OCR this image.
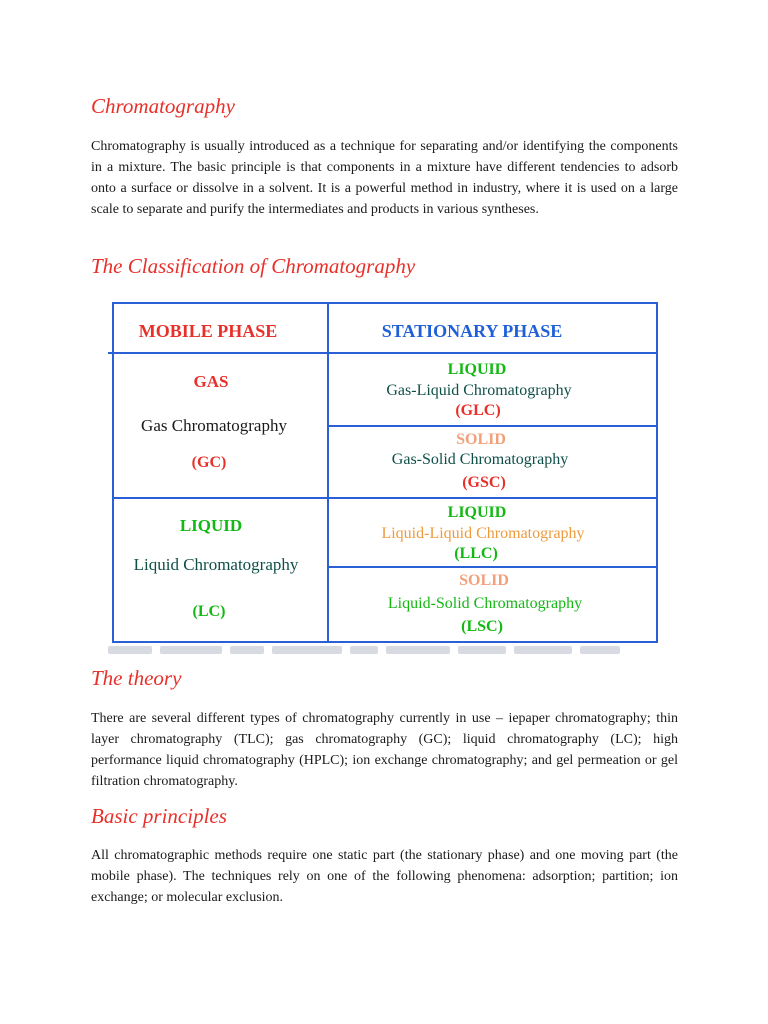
Chromatography

Chromatography is usually introduced as a technique for separating and/or identifying the components in a mixture. The basic principle is that components in a mixture have different tendencies to adsorb onto a surface or dissolve in a solvent. It is a powerful method in industry, where it is used on a large scale to separate and purify the intermediates and products in various syntheses.

The Classification of Chromatography
MOBILE PHASE	STATIONARY PHASE
GAS
Gas Chromatography
(GC)
LIQUID
Gas-Liquid Chromatography
(GLC)
SOLID
Gas-Solid Chromatography
(GSC)
LIQUID
Liquid Chromatography
(LC)
LIQUID
Liquid-Liquid Chromatography
(LLC)
SOLID
Liquid-Solid Chromatography
(LSC)
The theory

There are several different types of chromatography currently in use – iepaper chromatography; thin layer chromatography (TLC); gas chromatography (GC); liquid chromatography (LC); high performance liquid chromatography (HPLC); ion exchange chromatography; and gel permeation or gel filtration chromatography.

Basic principles

All chromatographic methods require one static part (the stationary phase) and one moving part (the mobile phase). The techniques rely on one of the following phenomena: adsorption; partition; ion exchange; or molecular exclusion.
